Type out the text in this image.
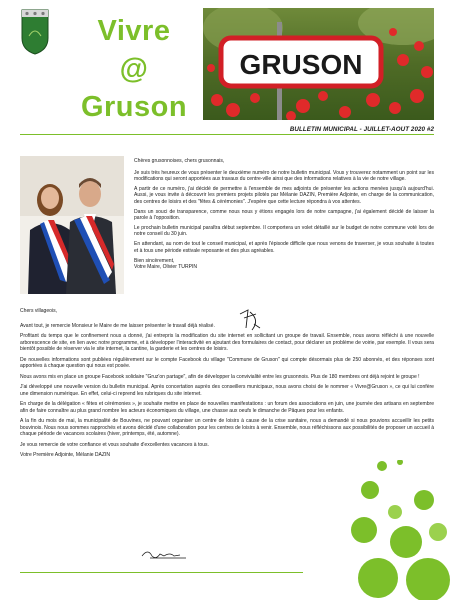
Vivre
@
Gruson
GRUSON
BULLETIN MUNICIPAL - JUILLET-AOUT 2020 #2

Chères grusonnoises, chers grusonnais,

Je suis très heureux de vous présenter le deuxième numéro de notre bulletin municipal. Vous y trouverez notamment un point sur les modifications qui seront apportées aux travaux du centre-ville ainsi que des informations relatives à la vie de notre village.

A partir de ce numéro, j'ai décidé de permettre à l'ensemble de mes adjoints de présenter les actions menées jusqu'à aujourd'hui. Aussi, je vous invite à découvrir les premiers projets pilotés par Mélanie DAZIN, Première Adjointe, en charge de la communication, des centres de loisirs et des "fêtes & cérémonies". J'espère que cette lecture répondra à vos attentes.

Dans un souci de transparence, comme nous nous y étions engagés lors de notre campagne, j'ai également décidé de laisser la parole à l'opposition.

Le prochain bulletin municipal paraîtra début septembre. Il comportera un volet détaillé sur le budget de notre commune voté lors de notre conseil du 30 juin.

En attendant, au nom de tout le conseil municipal, et après l'épisode difficile que nous venons de traverser, je vous souhaite à toutes et à tous une période estivale reposante et des plus agréables.

Bien sincèrement,
Votre Maire, Olivier TURPIN

Chers villageois,

Avant tout, je remercie Monsieur le Maire de me laisser présenter le travail déjà réalisé.

Profitant du temps que le confinement nous a donné, j'ai entrepris la modification du site internet en sollicitant un groupe de travail. Ensemble, nous avons réfléchi à une nouvelle arborescence de site, en lien avec notre programme, et à développer l'interactivité en ajoutant des formulaires de contact, pour déclarer un problème de voirie, par exemple. Il vous sera bientôt possible de réserver via le site internet, la cantine, la garderie et les centres de loisirs.

De nouvelles informations sont publiées régulièrement sur le compte Facebook du village "Commune de Gruson" qui compte désormais plus de 250 abonnés, et des réponses sont apportées à chaque question qui nous est posée.

Nous avons mis en place un groupe Facebook solidaire "Gruz'on partage", afin de développer la convivialité entre les grusonnois. Plus de 180 membres ont déjà rejoint le groupe !

J'ai développé une nouvelle version du bulletin municipal. Après concertation auprès des conseillers municipaux, nous avons choisi de le nommer « Vivre@Gruson », ce qui lui confère une dimension numérique. En effet, celui-ci reprend les rubriques du site internet.

En charge de la délégation « fêtes et cérémonies », je souhaite mettre en place de nouvelles manifestations : un forum des associations en juin, une journée des artisans en septembre afin de faire connaître au plus grand nombre les acteurs économiques du village, une chasse aux oeufs le dimanche de Pâques pour les enfants.

A la fin du mois de mai, la municipalité de Bouvines, ne pouvant organiser un centre de loisirs à cause de la crise sanitaire, nous a demandé si nous pouvions accueillir les petits bouvinois. Nous nous sommes rapprochés et avons décidé d'une collaboration pour les centres de loisirs à venir. Ensemble, nous réfléchissons aux possibilités de proposer un accueil à chaque période de vacances scolaires (hiver, printemps, été, automne).

Je vous remercie de votre confiance et vous souhaite d'excellentes vacances à tous.

Votre Première Adjointe, Mélanie DAZIN
